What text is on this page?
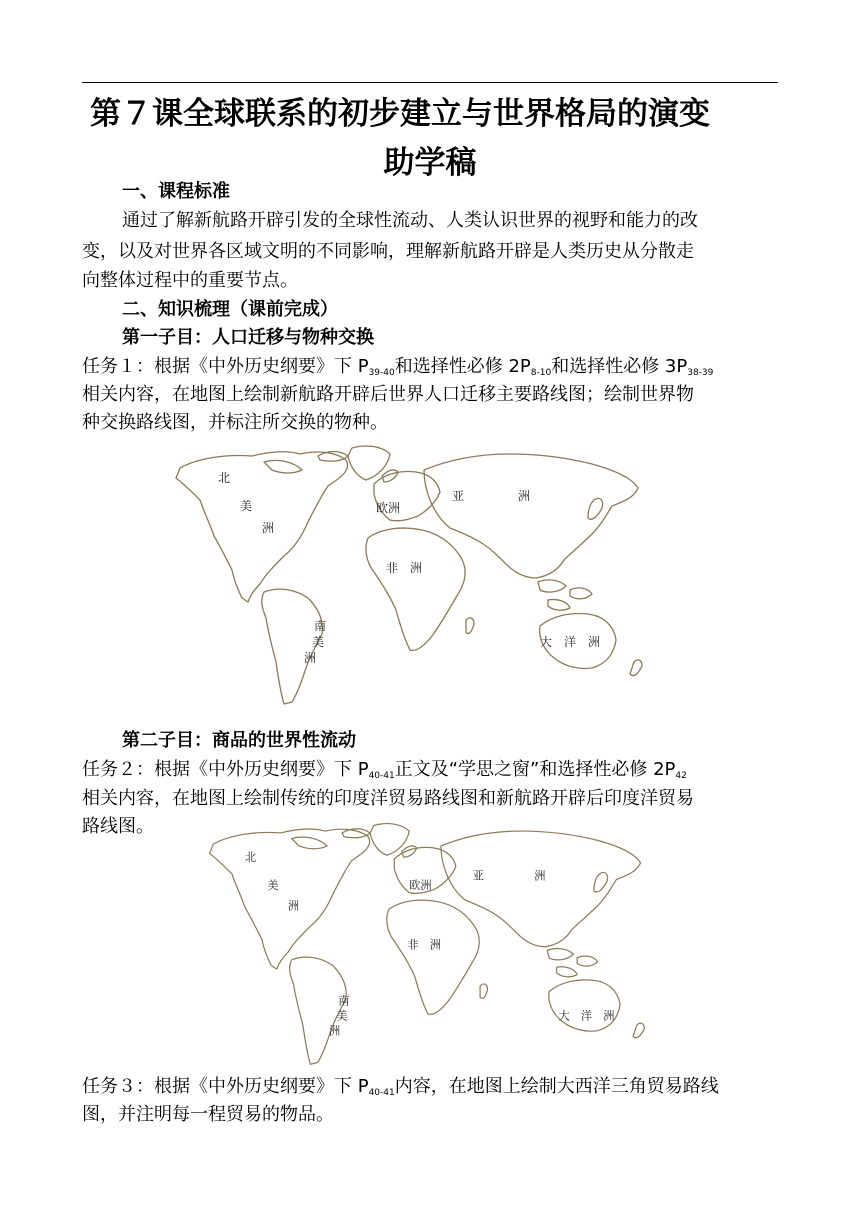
第７课全球联系的初步建立与世界格局的演变
助学稿
一、课程标准
通过了解新航路开辟引发的全球性流动、人类认识世界的视野和能力的改
变，以及对世界各区域文明的不同影响，理解新航路开辟是人类历史从分散走
向整体过程中的重要节点。
二、知识梳理（课前完成）
第一子目：人口迁移与物种交换
任务１：根据《中外历史纲要》下 $P_{39-40}$和选择性必修 $2P_{8-10}$和选择性必修 $3P_{38-39}$
相关内容，在地图上绘制新航路开辟后世界人口迁移主要路线图；绘制世界物
种交换路线图，并标注所交换的物种。
北
美
洲
欧洲
亚	洲
非　洲
南
美
洲
大　洋　洲
第二子目：商品的世界性流动
任务２：根据《中外历史纲要》下 $P_{40-41}$正文及“学思之窗”和选择性必修 $2P_{42}$
相关内容，在地图上绘制传统的印度洋贸易路线图和新航路开辟后印度洋贸易
路线图。
北
美
洲
欧洲
亚	洲
非　洲
南
美
洲
大　洋　洲
任务３：根据《中外历史纲要》下 $P_{40-41}$内容，在地图上绘制大西洋三角贸易路线
图，并注明每一程贸易的物品。
